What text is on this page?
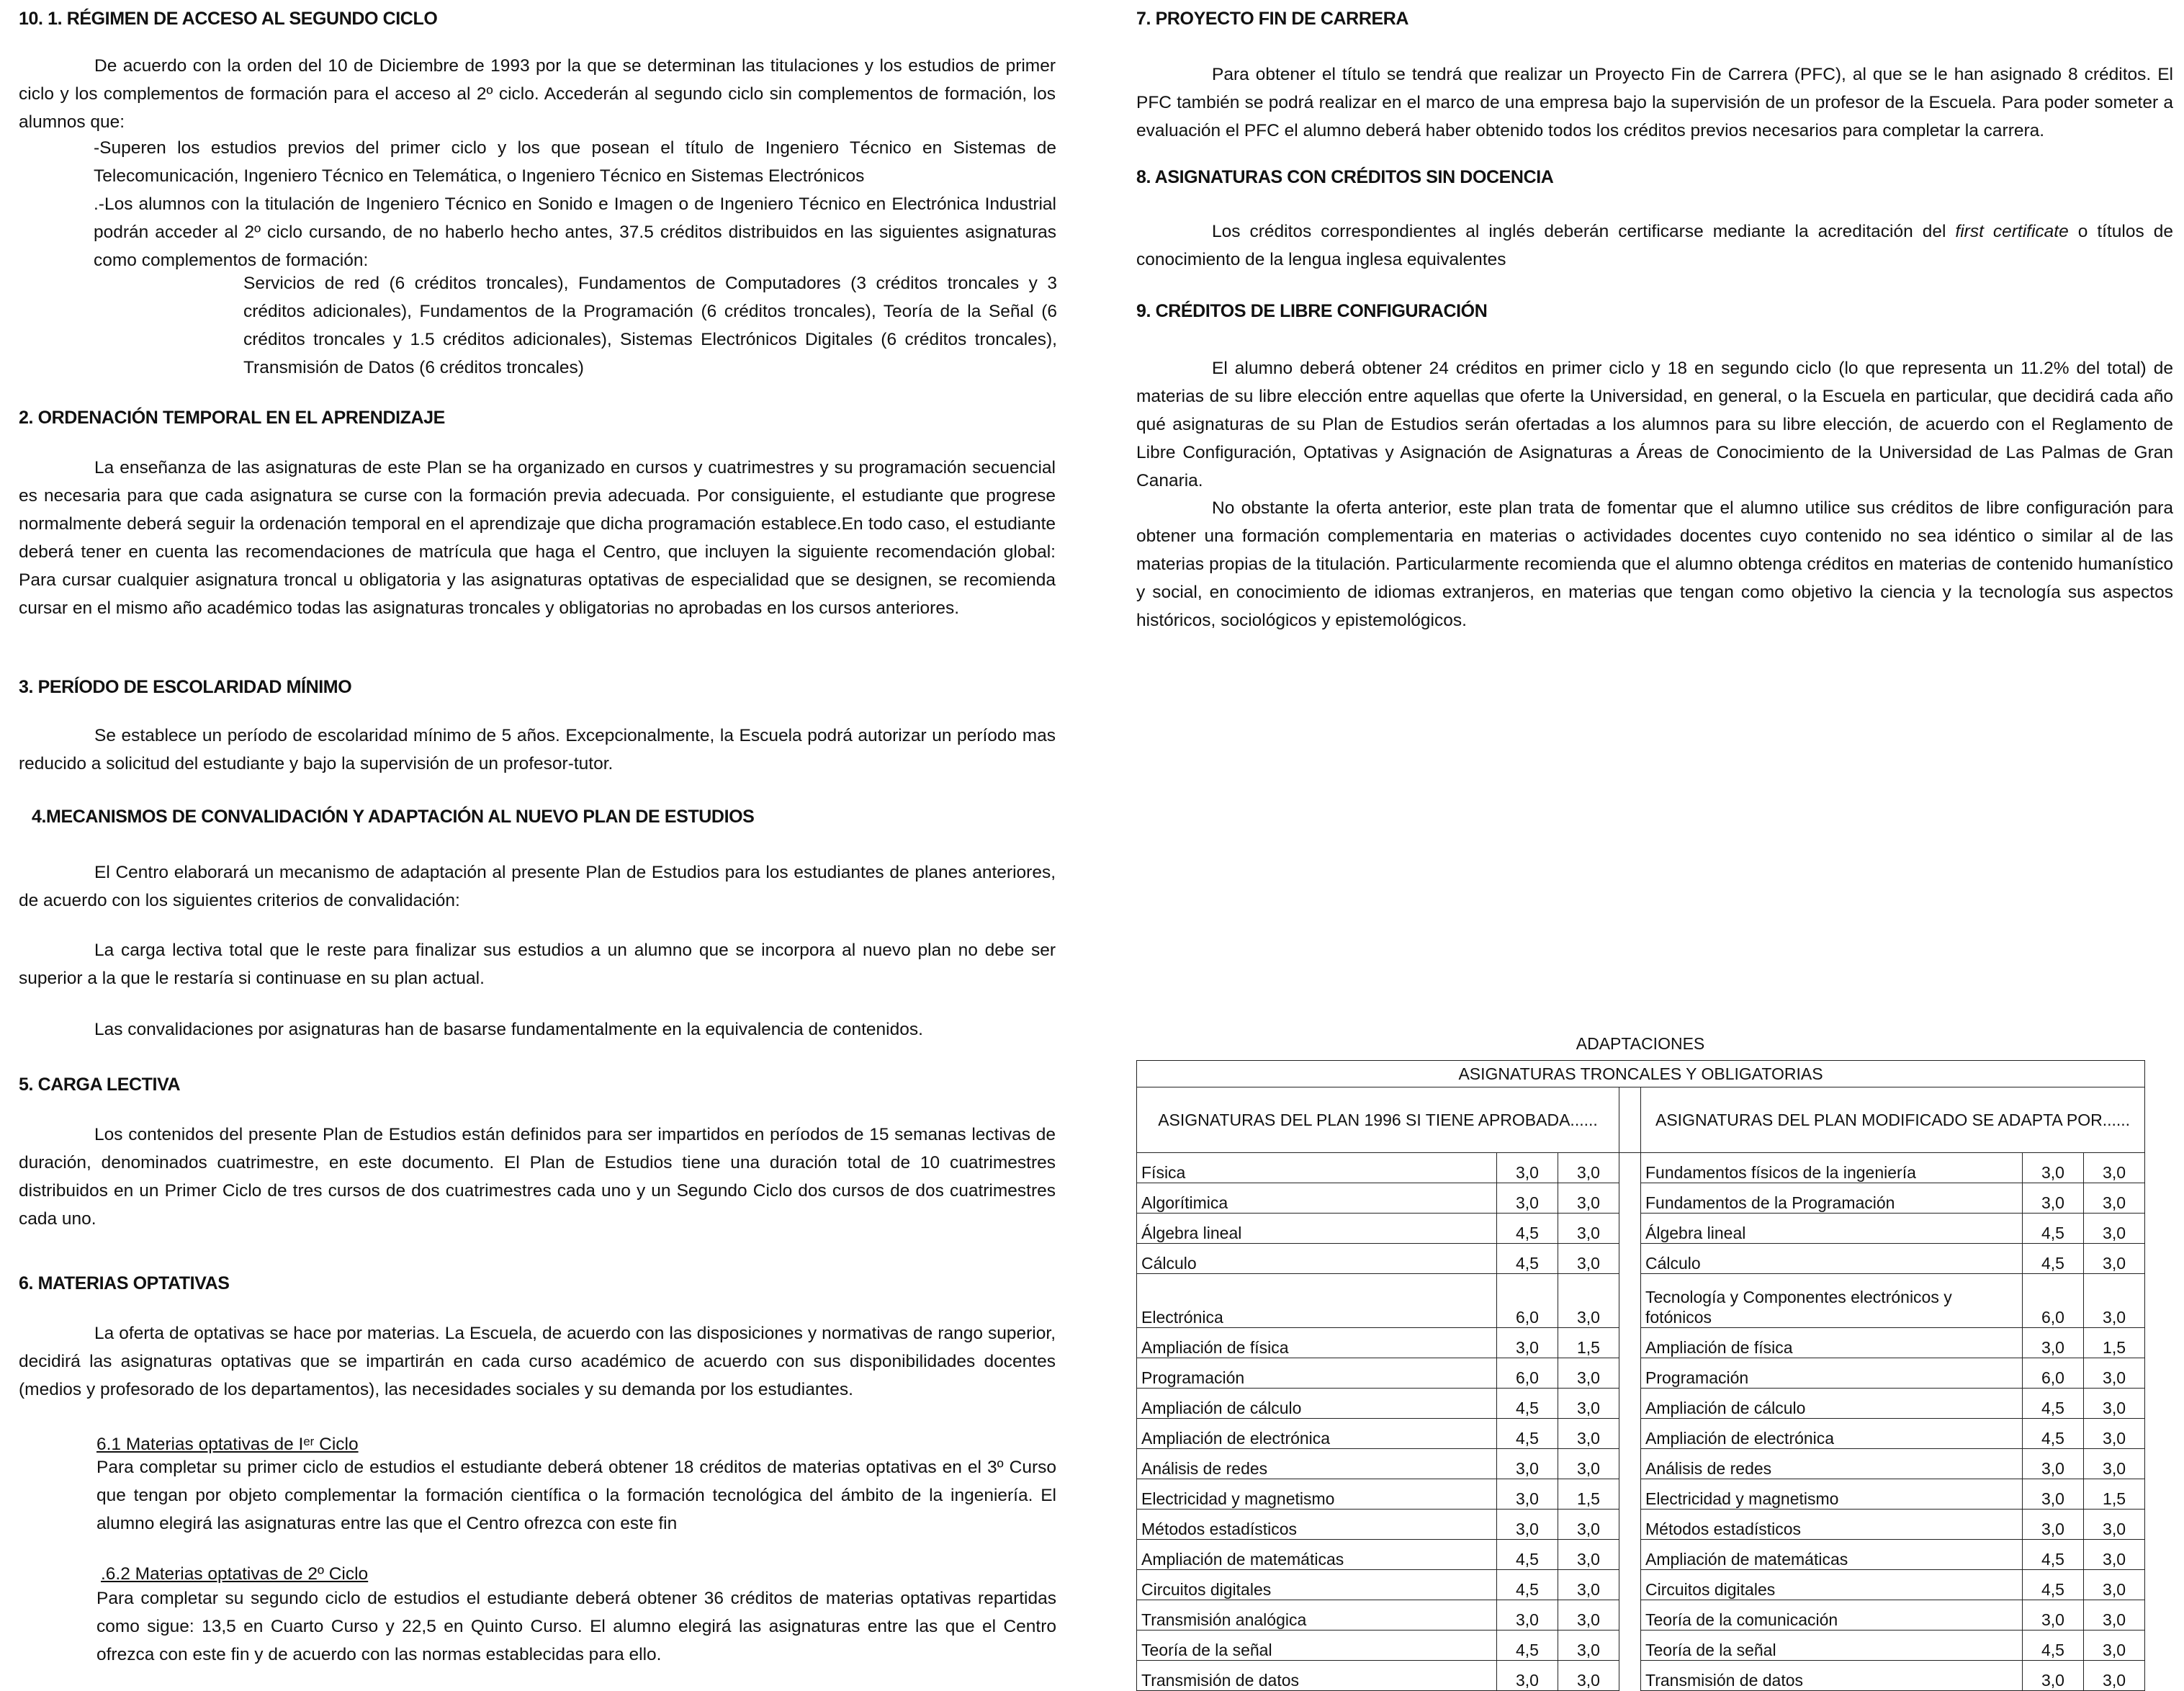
10. 1. RÉGIMEN DE ACCESO AL SEGUNDO CICLO

De acuerdo con la orden del 10 de Diciembre de 1993 por la que se determinan las titulaciones y los estudios de primer ciclo y los complementos de formación para el acceso al 2º ciclo. Accederán al segundo ciclo sin complementos de formación, los alumnos que:

-Superen los estudios previos del primer ciclo y los que posean el título de Ingeniero Técnico en Sistemas de Telecomunicación, Ingeniero Técnico en Telemática, o Ingeniero Técnico en Sistemas Electrónicos

.-Los alumnos con la titulación de Ingeniero Técnico en Sonido e Imagen o de Ingeniero Técnico en Electrónica Industrial podrán acceder al 2º ciclo cursando, de no haberlo hecho antes, 37.5 créditos distribuidos en las siguientes asignaturas como complementos de formación:

Servicios de red (6 créditos troncales), Fundamentos de Computadores (3 créditos troncales y 3 créditos adicionales), Fundamentos de la Programación (6 créditos troncales), Teoría de la Señal (6 créditos troncales y 1.5 créditos adicionales), Sistemas Electrónicos Digitales (6 créditos troncales), Transmisión de Datos (6 créditos troncales)

2. ORDENACIÓN TEMPORAL EN EL APRENDIZAJE

La enseñanza de las asignaturas de este Plan se ha organizado en cursos y cuatrimestres y su programación secuencial es necesaria para que cada asignatura se curse con la formación previa adecuada. Por consiguiente, el estudiante que progrese normalmente deberá seguir la ordenación temporal en el aprendizaje que dicha programación establece.En todo caso, el estudiante deberá tener en cuenta las recomendaciones de matrícula que haga el Centro, que incluyen la siguiente recomendación global: Para cursar cualquier asignatura troncal u obligatoria y las asignaturas optativas de especialidad que se designen, se recomienda cursar en el mismo año académico todas las asignaturas troncales y obligatorias no aprobadas en los cursos anteriores.

3. PERÍODO DE ESCOLARIDAD MÍNIMO

Se establece un período de escolaridad mínimo de 5 años. Excepcionalmente, la Escuela podrá autorizar un período mas reducido a solicitud del estudiante y bajo la supervisión de un profesor-tutor.

4.MECANISMOS DE CONVALIDACIÓN Y ADAPTACIÓN AL NUEVO PLAN DE ESTUDIOS

El Centro elaborará un mecanismo de adaptación al presente Plan de Estudios para los estudiantes de planes anteriores, de acuerdo con los siguientes criterios de convalidación:

La carga lectiva total que le reste para finalizar sus estudios a un alumno que se incorpora al nuevo plan no debe ser superior a la que le restaría si continuase en su plan actual.

Las convalidaciones por asignaturas han de basarse fundamentalmente en la equivalencia de contenidos.

5. CARGA LECTIVA

Los contenidos del presente Plan de Estudios están definidos para ser impartidos en períodos de 15 semanas lectivas de duración, denominados cuatrimestre, en este documento. El Plan de Estudios tiene una duración total de 10 cuatrimestres distribuidos en un Primer Ciclo de tres cursos de dos cuatrimestres cada uno y un Segundo Ciclo dos cursos de dos cuatrimestres cada uno.

6. MATERIAS OPTATIVAS

La oferta de optativas se hace por materias. La Escuela, de acuerdo con las disposiciones y normativas de rango superior, decidirá las asignaturas optativas que se impartirán en cada curso académico de acuerdo con sus disponibilidades docentes (medios y profesorado de los departamentos), las necesidades sociales y su demanda por los estudiantes.

6.1 Materias optativas de Iᵉʳ Ciclo

Para completar su primer ciclo de estudios el estudiante deberá obtener 18 créditos de materias optativas en el 3º Curso que tengan por objeto complementar la formación científica o la formación tecnológica del ámbito de la ingeniería. El alumno elegirá las asignaturas entre las que el Centro ofrezca con este fin

.6.2 Materias optativas de 2º Ciclo

Para completar su segundo ciclo de estudios el estudiante deberá obtener 36 créditos de materias optativas repartidas como sigue: 13,5 en Cuarto Curso y 22,5 en Quinto Curso. El alumno elegirá las asignaturas entre las que el Centro ofrezca con este fin y de acuerdo con las normas establecidas para ello.

7. PROYECTO FIN DE CARRERA

Para obtener el título se tendrá que realizar un Proyecto Fin de Carrera (PFC), al que se le han asignado 8 créditos. El PFC también se podrá realizar en el marco de una empresa bajo la supervisión de un profesor de la Escuela. Para poder someter a evaluación el PFC el alumno deberá haber obtenido todos los créditos previos necesarios para completar la carrera.

8. ASIGNATURAS CON CRÉDITOS SIN DOCENCIA

Los créditos correspondientes al inglés deberán certificarse mediante la acreditación del first certificate o títulos de conocimiento de la lengua inglesa equivalentes

9. CRÉDITOS DE LIBRE CONFIGURACIÓN

El alumno deberá obtener 24 créditos en primer ciclo y 18 en segundo ciclo (lo que representa un 11.2% del total) de materias de su libre elección entre aquellas que oferte la Universidad, en general, o la Escuela en particular, que decidirá cada año qué asignaturas de su Plan de Estudios serán ofertadas a los alumnos para su libre elección, de acuerdo con el Reglamento de Libre Configuración, Optativas y Asignación de Asignaturas a Áreas de Conocimiento de la Universidad de Las Palmas de Gran Canaria.

No obstante la oferta anterior, este plan trata de fomentar que el alumno utilice sus créditos de libre configuración para obtener una formación complementaria en materias o actividades docentes cuyo contenido no sea idéntico o similar al de las materias propias de la titulación. Particularmente recomienda que el alumno obtenga créditos en materias de contenido humanístico y social, en conocimiento de idiomas extranjeros, en materias que tengan como objetivo la ciencia y la tecnología sus aspectos históricos, sociológicos y epistemológicos.

ADAPTACIONES
ASIGNATURAS TRONCALES Y OBLIGATORIAS						
ASIGNATURAS DEL PLAN 1996 SI TIENE APROBADA......				ASIGNATURAS DEL PLAN MODIFICADO SE ADAPTA POR......		
Física	3,0	3,0		Fundamentos físicos de la ingeniería	3,0	3,0
Algorítimica	3,0	3,0		Fundamentos de la Programación	3,0	3,0
Álgebra lineal	4,5	3,0		Álgebra lineal	4,5	3,0
Cálculo	4,5	3,0		Cálculo	4,5	3,0
Electrónica	6,0	3,0		Tecnología y Componentes electrónicos y fotónicos	6,0	3,0
Ampliación de física	3,0	1,5		Ampliación de física	3,0	1,5
Programación	6,0	3,0		Programación	6,0	3,0
Ampliación de cálculo	4,5	3,0		Ampliación de cálculo	4,5	3,0
Ampliación de electrónica	4,5	3,0		Ampliación de electrónica	4,5	3,0
Análisis de redes	3,0	3,0		Análisis de redes	3,0	3,0
Electricidad y magnetismo	3,0	1,5		Electricidad y magnetismo	3,0	1,5
Métodos estadísticos	3,0	3,0		Métodos estadísticos	3,0	3,0
Ampliación de matemáticas	4,5	3,0		Ampliación de matemáticas	4,5	3,0
Circuitos digitales	4,5	3,0		Circuitos digitales	4,5	3,0
Transmisión analógica	3,0	3,0		Teoría de la comunicación	3,0	3,0
Teoría de la señal	4,5	3,0		Teoría de la señal	4,5	3,0
Transmisión de datos	3,0	3,0		Transmisión de datos	3,0	3,0
